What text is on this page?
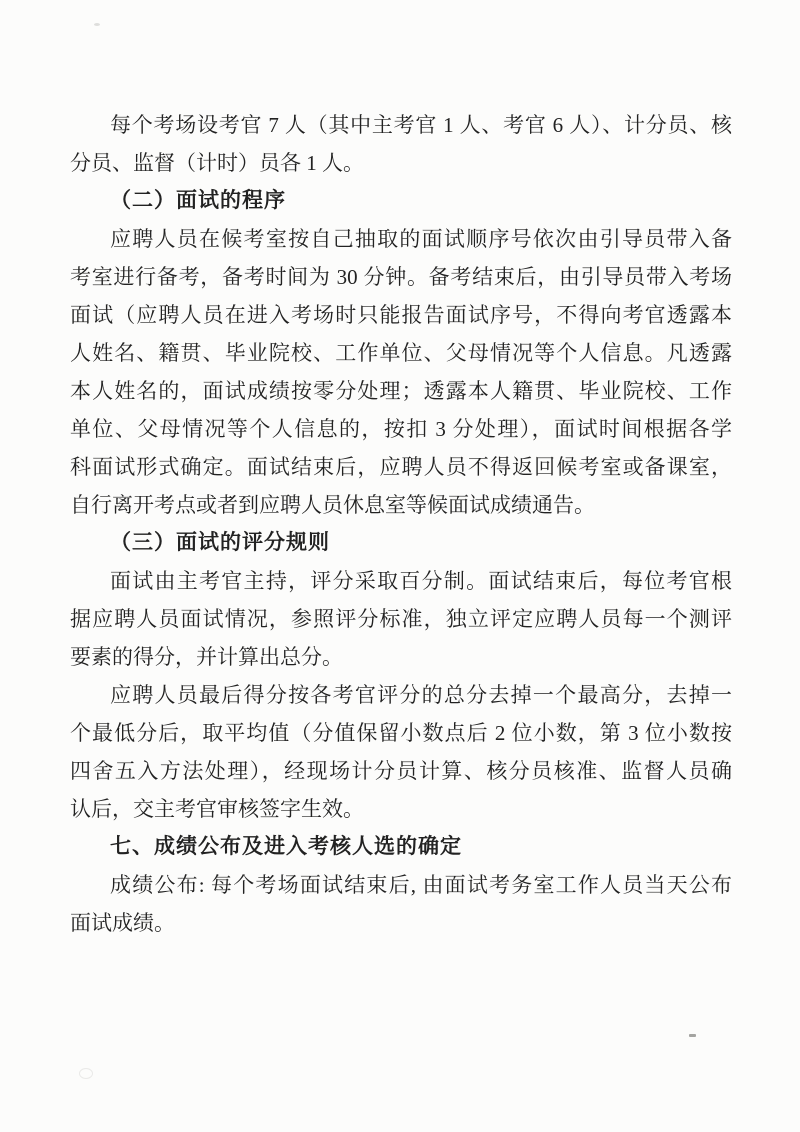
每个考场设考官 7 人（其中主考官 1 人、考官 6 人）、计分员、核
分员、监督（计时）员各 1 人。
（二）面试的程序
应聘人员在候考室按自己抽取的面试顺序号依次由引导员带入备
考室进行备考，备考时间为 30 分钟。备考结束后，由引导员带入考场
面试（应聘人员在进入考场时只能报告面试序号，不得向考官透露本
人姓名、籍贯、毕业院校、工作单位、父母情况等个人信息。凡透露
本人姓名的，面试成绩按零分处理；透露本人籍贯、毕业院校、工作
单位、父母情况等个人信息的，按扣 3 分处理），面试时间根据各学
科面试形式确定。面试结束后，应聘人员不得返回候考室或备课室，
自行离开考点或者到应聘人员休息室等候面试成绩通告。
（三）面试的评分规则
面试由主考官主持，评分采取百分制。面试结束后，每位考官根
据应聘人员面试情况，参照评分标准，独立评定应聘人员每一个测评
要素的得分，并计算出总分。
应聘人员最后得分按各考官评分的总分去掉一个最高分，去掉一
个最低分后，取平均值（分值保留小数点后 2 位小数，第 3 位小数按
四舍五入方法处理），经现场计分员计算、核分员核准、监督人员确
认后，交主考官审核签字生效。
七、成绩公布及进入考核人选的确定
成绩公布: 每个考场面试结束后, 由面试考务室工作人员当天公布
面试成绩。
